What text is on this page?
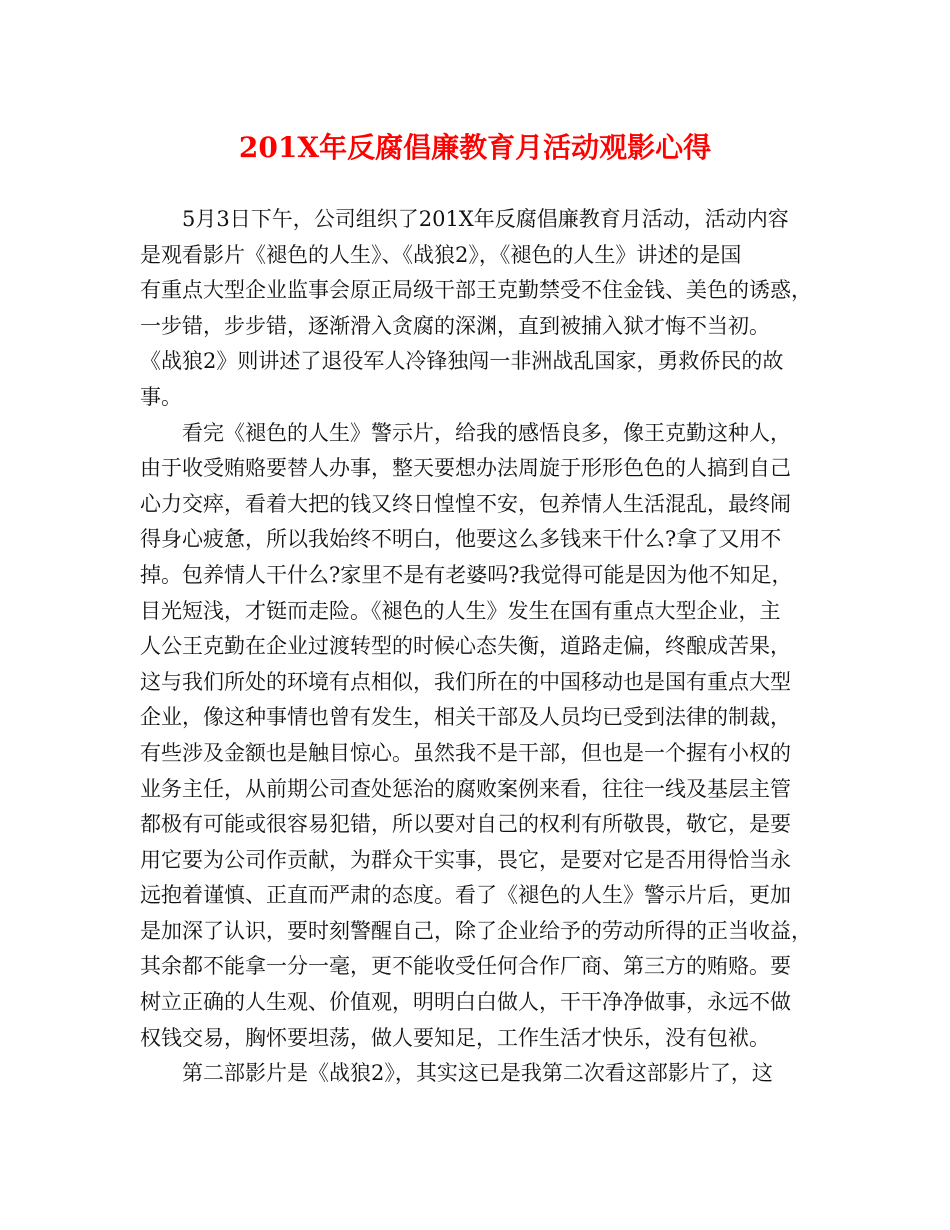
201X年反腐倡廉教育月活动观影心得

5月3日下午，公司组织了201X年反腐倡廉教育月活动，活动内容
是观看影片《褪色的人生》、《战狼2》，《褪色的人生》讲述的是国
有重点大型企业监事会原正局级干部王克勤禁受不住金钱、美色的诱惑，
一步错，步步错，逐渐滑入贪腐的深渊，直到被捕入狱才悔不当初。
《战狼2》则讲述了退役军人冷锋独闯一非洲战乱国家，勇救侨民的故
事。

看完《褪色的人生》警示片，给我的感悟良多，像王克勤这种人，
由于收受贿赂要替人办事，整天要想办法周旋于形形色色的人搞到自己
心力交瘁，看着大把的钱又终日惶惶不安，包养情人生活混乱，最终闹
得身心疲惫，所以我始终不明白，他要这么多钱来干什么?拿了又用不
掉。包养情人干什么?家里不是有老婆吗?我觉得可能是因为他不知足，
目光短浅，才铤而走险。《褪色的人生》发生在国有重点大型企业，主
人公王克勤在企业过渡转型的时候心态失衡，道路走偏，终酿成苦果，
这与我们所处的环境有点相似，我们所在的中国移动也是国有重点大型
企业，像这种事情也曾有发生，相关干部及人员均已受到法律的制裁，
有些涉及金额也是触目惊心。虽然我不是干部，但也是一个握有小权的
业务主任，从前期公司查处惩治的腐败案例来看，往往一线及基层主管
都极有可能或很容易犯错，所以要对自己的权利有所敬畏，敬它，是要
用它要为公司作贡献，为群众干实事，畏它，是要对它是否用得恰当永
远抱着谨慎、正直而严肃的态度。看了《褪色的人生》警示片后，更加
是加深了认识，要时刻警醒自己，除了企业给予的劳动所得的正当收益，
其余都不能拿一分一毫，更不能收受任何合作厂商、第三方的贿赂。要
树立正确的人生观、价值观，明明白白做人，干干净净做事，永远不做
权钱交易，胸怀要坦荡，做人要知足，工作生活才快乐，没有包袱。

第二部影片是《战狼2》，其实这已是我第二次看这部影片了，这
